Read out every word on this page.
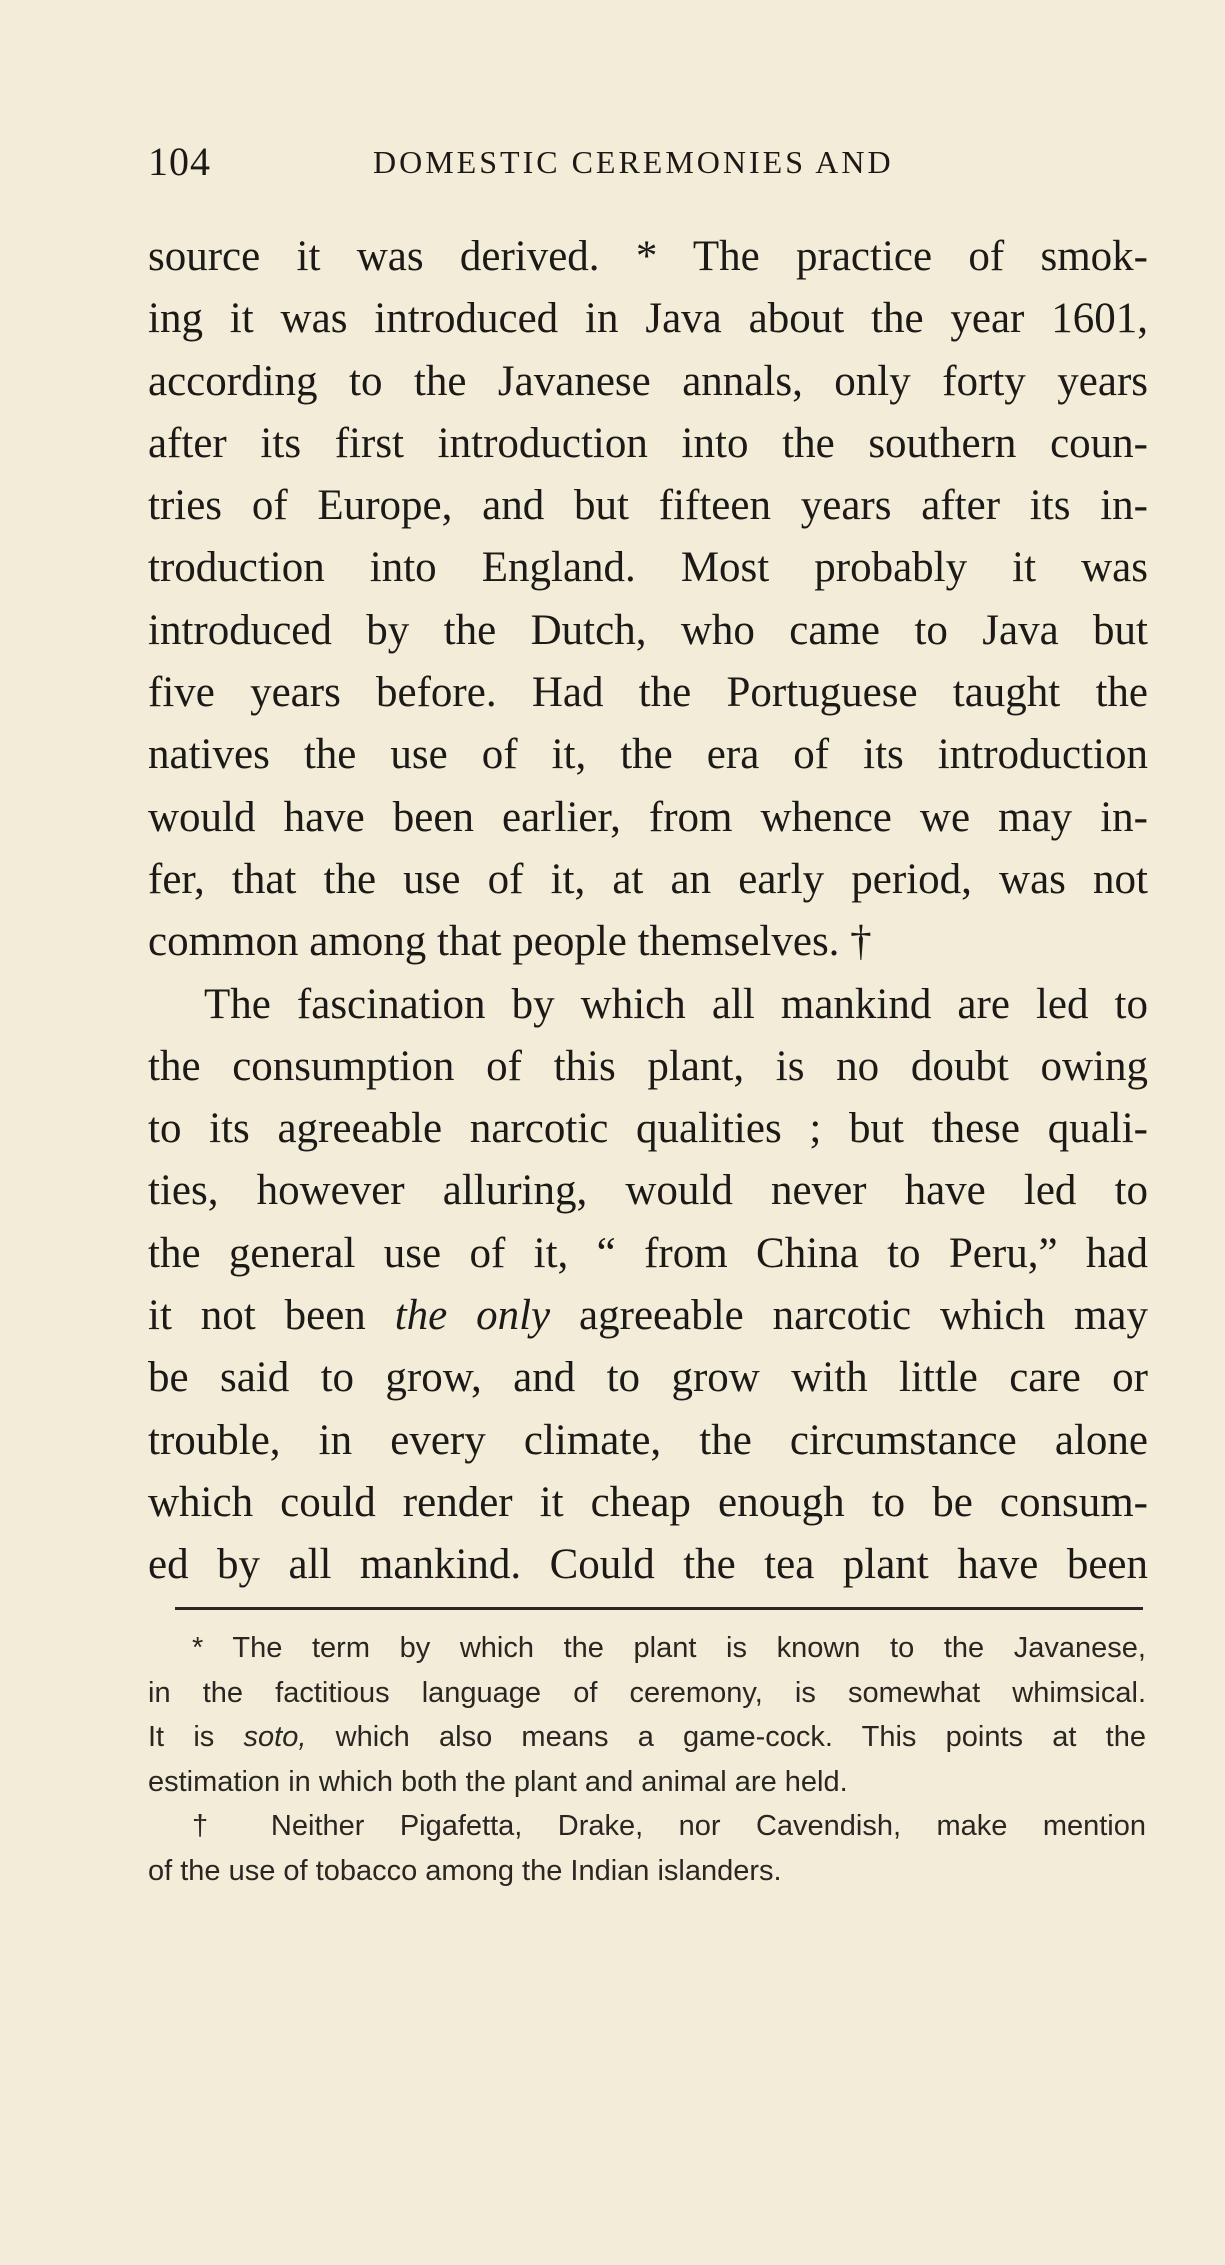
104	DOMESTIC CEREMONIES AND
source it was derived. * The practice of smok-
ing it was introduced in Java about the year 1601,
according to the Javanese annals, only forty years
after its first introduction into the southern coun-
tries of Europe, and but fifteen years after its in-
troduction into England. Most probably it was
introduced by the Dutch, who came to Java but
five years before. Had the Portuguese taught the
natives the use of it, the era of its introduction
would have been earlier, from whence we may in-
fer, that the use of it, at an early period, was not
common among that people themselves. †
The fascination by which all mankind are led to
the consumption of this plant, is no doubt owing
to its agreeable narcotic qualities ; but these quali-
ties, however alluring, would never have led to
the general use of it, “ from China to Peru,” had
it not been the only agreeable narcotic which may
be said to grow, and to grow with little care or
trouble, in every climate, the circumstance alone
which could render it cheap enough to be consum-
ed by all mankind. Could the tea plant have been
* The term by which the plant is known to the Javanese,
in the factitious language of ceremony, is somewhat whimsical.
It is soto, which also means a game-cock. This points at the
estimation in which both the plant and animal are held.
† Neither Pigafetta, Drake, nor Cavendish, make mention
of the use of tobacco among the Indian islanders.
